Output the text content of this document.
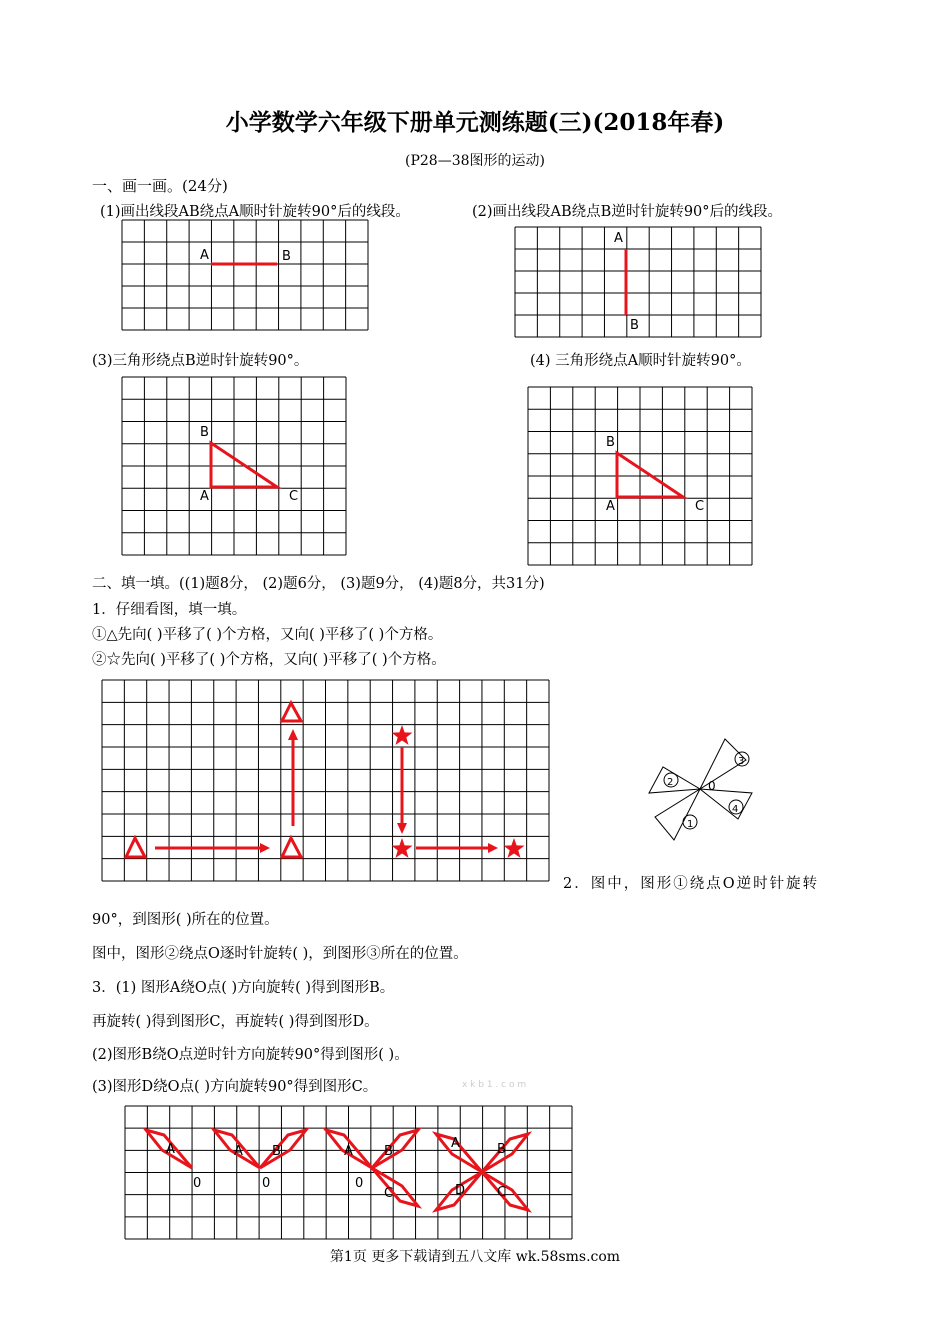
小学数学六年级下册单元测练题(三)(2018年春)
(P28—38图形的运动)
一、画一画。(24分)
(1)画出线段AB绕点A顺时针旋转90°后的线段。	(2)画出线段AB绕点B逆时针旋转90°后的线段。
(3)三角形绕点B逆时针旋转90°。	(4) 三角形绕点A顺时针旋转90°。
二、填一填。((1)题8分， (2)题6分， (3)题9分， (4)题8分，共31分)
1．仔细看图，填一填。
①△先向( )平移了( )个方格，又向( )平移了( )个方格。
②☆先向( )平移了( )个方格，又向( )平移了( )个方格。
2．图中，图形①绕点O逆时针旋转
90°，到图形( )所在的位置。
图中，图形②绕点O逐时针旋转( )，到图形③所在的位置。
3．(1) 图形A绕O点( )方向旋转( )得到图形B。
再旋转( )得到图形C，再旋转( )得到图形D。
(2)图形B绕O点逆时针方向旋转90°得到图形( )。
(3)图形D绕O点( )方向旋转90°得到图形C。	x k b 1 . c o m
A	B
A
B
B
A	C
B
A	C
2
3
4
1
0
A
0
A B
0
A B
C
0
A	B
C
D
第1页 更多下载请到五八文库 wk.58sms.com
